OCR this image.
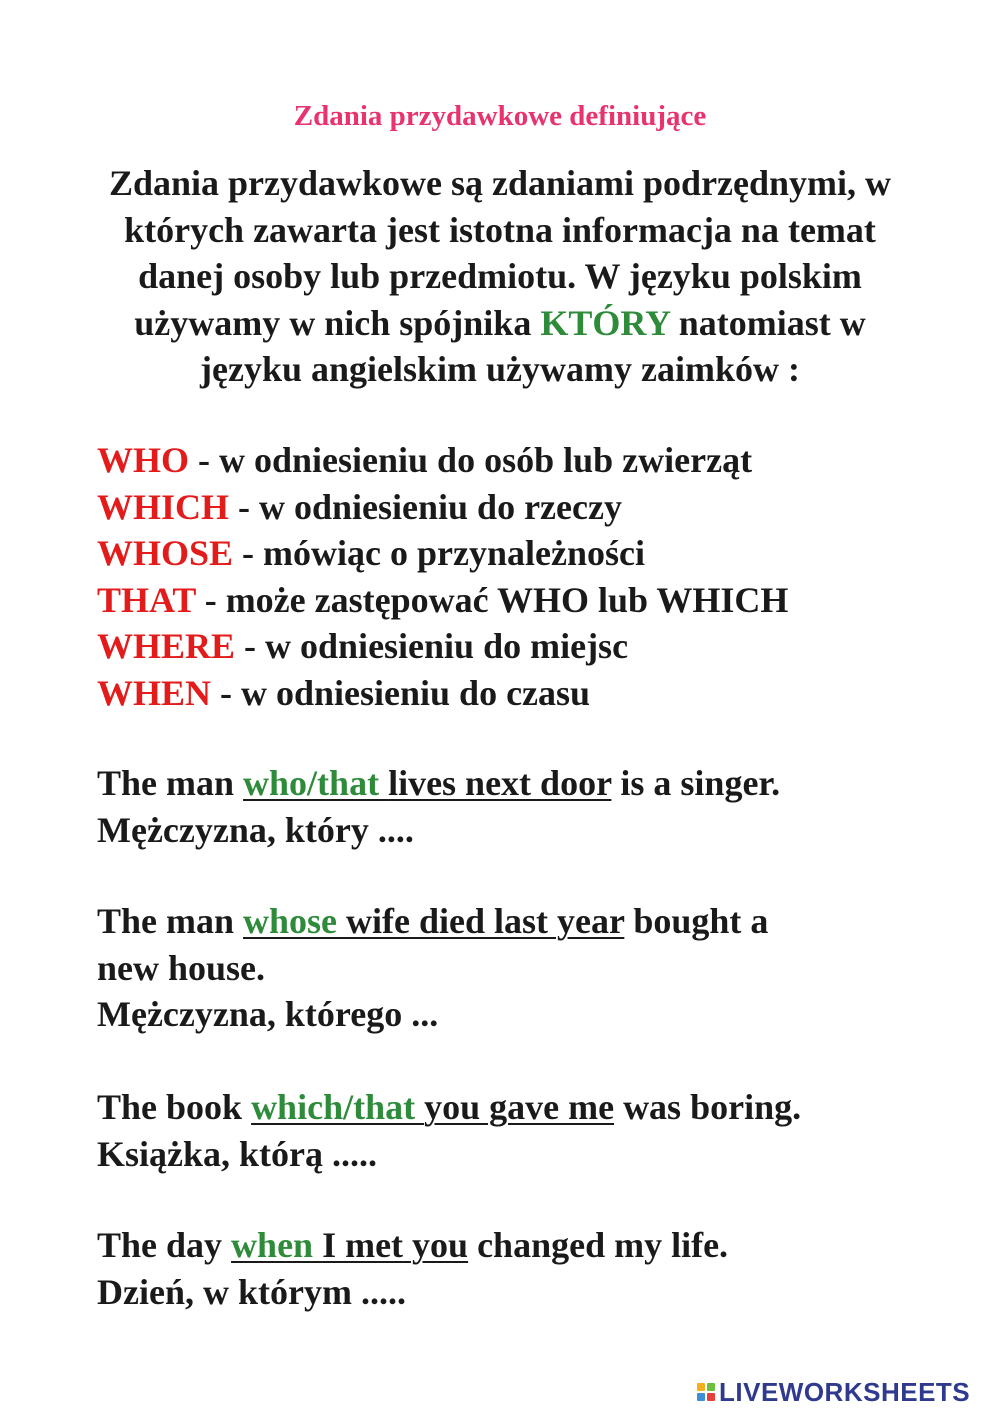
Zdania przydawkowe definiujące
Zdania przydawkowe są zdaniami podrzędnymi, w których zawarta jest istotna informacja na temat danej osoby lub przedmiotu. W języku polskim używamy w nich spójnika KTÓRY natomiast w języku angielskim używamy zaimków :
WHO - w odniesieniu do osób lub zwierząt
WHICH - w odniesieniu do rzeczy
WHOSE - mówiąc o przynależności
THAT - może zastępować WHO lub WHICH
WHERE - w odniesieniu do miejsc
WHEN - w odniesieniu do czasu
The man who/that lives next door is a singer.
Mężczyzna, który ....
The man whose wife died last year bought a
new house.
Mężczyzna, którego ...
The book which/that you gave me was boring.
Książka, którą .....
The day when I met you changed my life.
Dzień, w którym .....
LIVEWORKSHEETS
